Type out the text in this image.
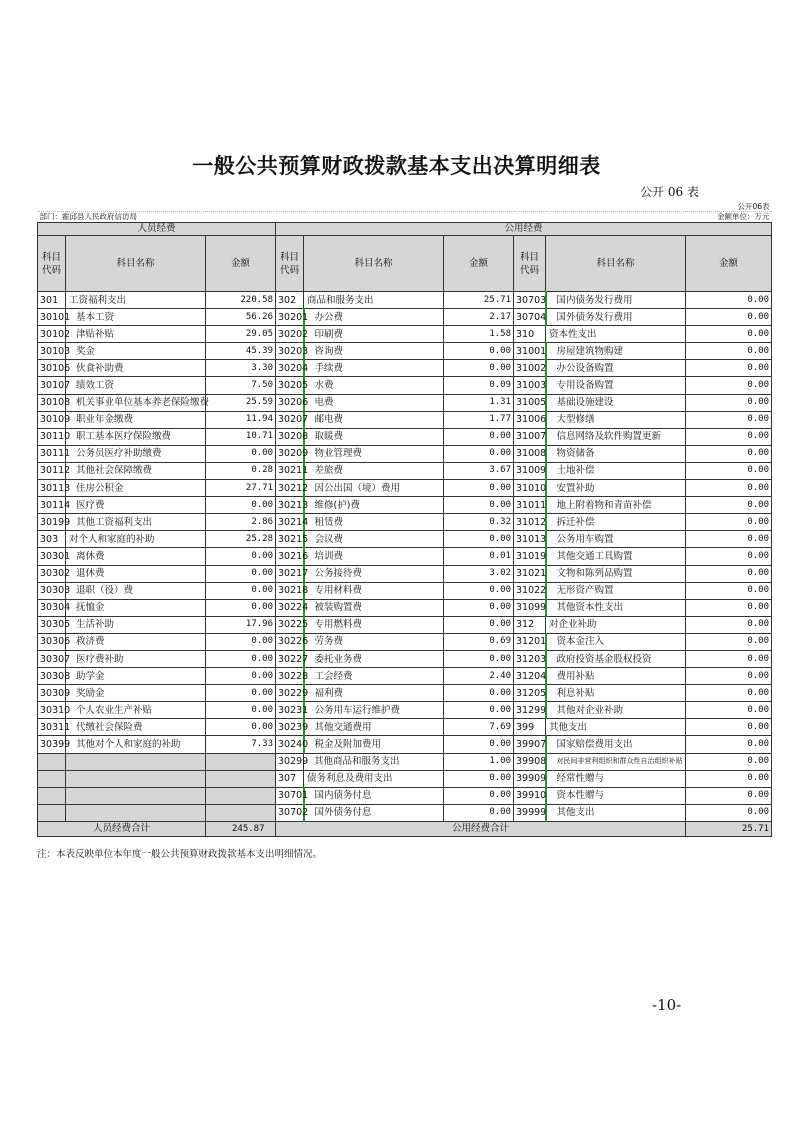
一般公共预算财政拨款基本支出决算明细表
公开 06 表
								公开06表
部门：霍邱县人民政府信访局					金额单位：万元			
人员经费			公用经费					
科目代码	科目名称	金额	科目代码	科目名称	金额	科目代码	科目名称	金额
301	工资福利支出	220.58	302	商品和服务支出	25.71	30703	国内债务发行费用	0.00
30101	基本工资	56.26	30201	办公费	2.17	30704	国外债务发行费用	0.00
30102	津贴补贴	29.05	30202	印刷费	1.58	310	资本性支出	0.00
30103	奖金	45.39	30203	咨询费	0.00	31001	房屋建筑物购建	0.00
30106	伙食补助费	3.30	30204	手续费	0.00	31002	办公设备购置	0.00
30107	绩效工资	7.50	30205	水费	0.09	31003	专用设备购置	0.00
30108	机关事业单位基本养老保险缴费	25.59	30206	电费	1.31	31005	基础设施建设	0.00
30109	职业年金缴费	11.94	30207	邮电费	1.77	31006	大型修缮	0.00
30110	职工基本医疗保险缴费	10.71	30208	取暖费	0.00	31007	信息网络及软件购置更新	0.00
30111	公务员医疗补助缴费	0.00	30209	物业管理费	0.00	31008	物资储备	0.00
30112	其他社会保障缴费	0.28	30211	差旅费	3.67	31009	土地补偿	0.00
30113	住房公积金	27.71	30212	因公出国（境）费用	0.00	31010	安置补助	0.00
30114	医疗费	0.00	30213	维修(护)费	0.00	31011	地上附着物和青苗补偿	0.00
30199	其他工资福利支出	2.86	30214	租赁费	0.32	31012	拆迁补偿	0.00
303	对个人和家庭的补助	25.28	30215	会议费	0.00	31013	公务用车购置	0.00
30301	离休费	0.00	30216	培训费	0.01	31019	其他交通工具购置	0.00
30302	退休费	0.00	30217	公务接待费	3.02	31021	文物和陈列品购置	0.00
30303	退职（役）费	0.00	30218	专用材料费	0.00	31022	无形资产购置	0.00
30304	抚恤金	0.00	30224	被装购置费	0.00	31099	其他资本性支出	0.00
30305	生活补助	17.96	30225	专用燃料费	0.00	312	对企业补助	0.00
30306	救济费	0.00	30226	劳务费	0.69	31201	资本金注入	0.00
30307	医疗费补助	0.00	30227	委托业务费	0.00	31203	政府投资基金股权投资	0.00
30308	助学金	0.00	30228	工会经费	2.40	31204	费用补贴	0.00
30309	奖励金	0.00	30229	福利费	0.00	31205	利息补贴	0.00
30310	个人农业生产补贴	0.00	30231	公务用车运行维护费	0.00	31299	其他对企业补助	0.00
30311	代缴社会保险费	0.00	30239	其他交通费用	7.69	399	其他支出	0.00
30399	其他对个人和家庭的补助	7.33	30240	税金及附加费用	0.00	39907	国家赔偿费用支出	0.00
			30299	其他商品和服务支出	1.00	39908	对民间非营利组织和群众性自治组织补贴	0.00
			307	债务利息及费用支出	0.00	39909	经常性赠与	0.00
			30701	国内债务付息	0.00	39910	资本性赠与	0.00
			30702	国外债务付息	0.00	39999	其他支出	0.00
人员经费合计		245.87	公用经费合计					25.71
注：本表反映单位本年度一般公共预算财政拨款基本支出明细情况。
-10-
